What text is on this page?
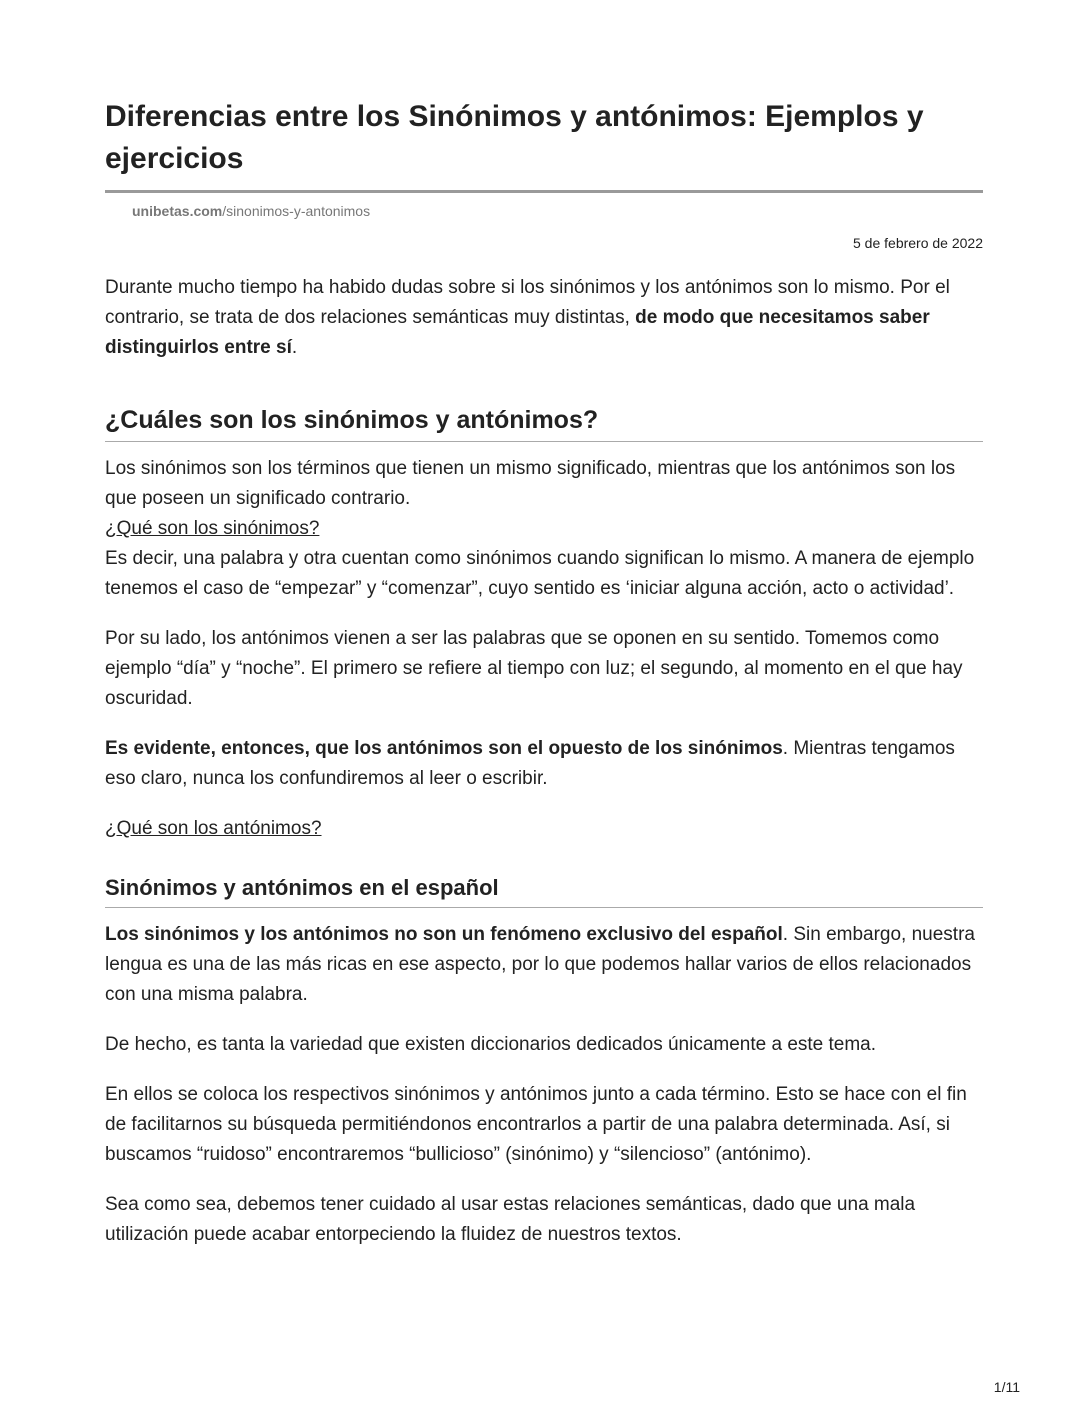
Diferencias entre los Sinónimos y antónimos: Ejemplos y ejercicios
unibetas.com/sinonimos-y-antonimos
5 de febrero de 2022

Durante mucho tiempo ha habido dudas sobre si los sinónimos y los antónimos son lo mismo. Por el contrario, se trata de dos relaciones semánticas muy distintas, de modo que necesitamos saber distinguirlos entre sí.

¿Cuáles son los sinónimos y antónimos?

Los sinónimos son los términos que tienen un mismo significado, mientras que los antónimos son los que poseen un significado contrario.

¿Qué son los sinónimos?

Es decir, una palabra y otra cuentan como sinónimos cuando significan lo mismo. A manera de ejemplo tenemos el caso de “empezar” y “comenzar”, cuyo sentido es ‘iniciar alguna acción, acto o actividad’.

Por su lado, los antónimos vienen a ser las palabras que se oponen en su sentido. Tomemos como ejemplo “día” y “noche”. El primero se refiere al tiempo con luz; el segundo, al momento en el que hay oscuridad.

Es evidente, entonces, que los antónimos son el opuesto de los sinónimos. Mientras tengamos eso claro, nunca los confundiremos al leer o escribir.

¿Qué son los antónimos?
Sinónimos y antónimos en el español

Los sinónimos y los antónimos no son un fenómeno exclusivo del español. Sin embargo, nuestra lengua es una de las más ricas en ese aspecto, por lo que podemos hallar varios de ellos relacionados con una misma palabra.

De hecho, es tanta la variedad que existen diccionarios dedicados únicamente a este tema.

En ellos se coloca los respectivos sinónimos y antónimos junto a cada término. Esto se hace con el fin de facilitarnos su búsqueda permitiéndonos encontrarlos a partir de una palabra determinada. Así, si buscamos “ruidoso” encontraremos “bullicioso” (sinónimo) y “silencioso” (antónimo).

Sea como sea, debemos tener cuidado al usar estas relaciones semánticas, dado que una mala utilización puede acabar entorpeciendo la fluidez de nuestros textos.

1/11
